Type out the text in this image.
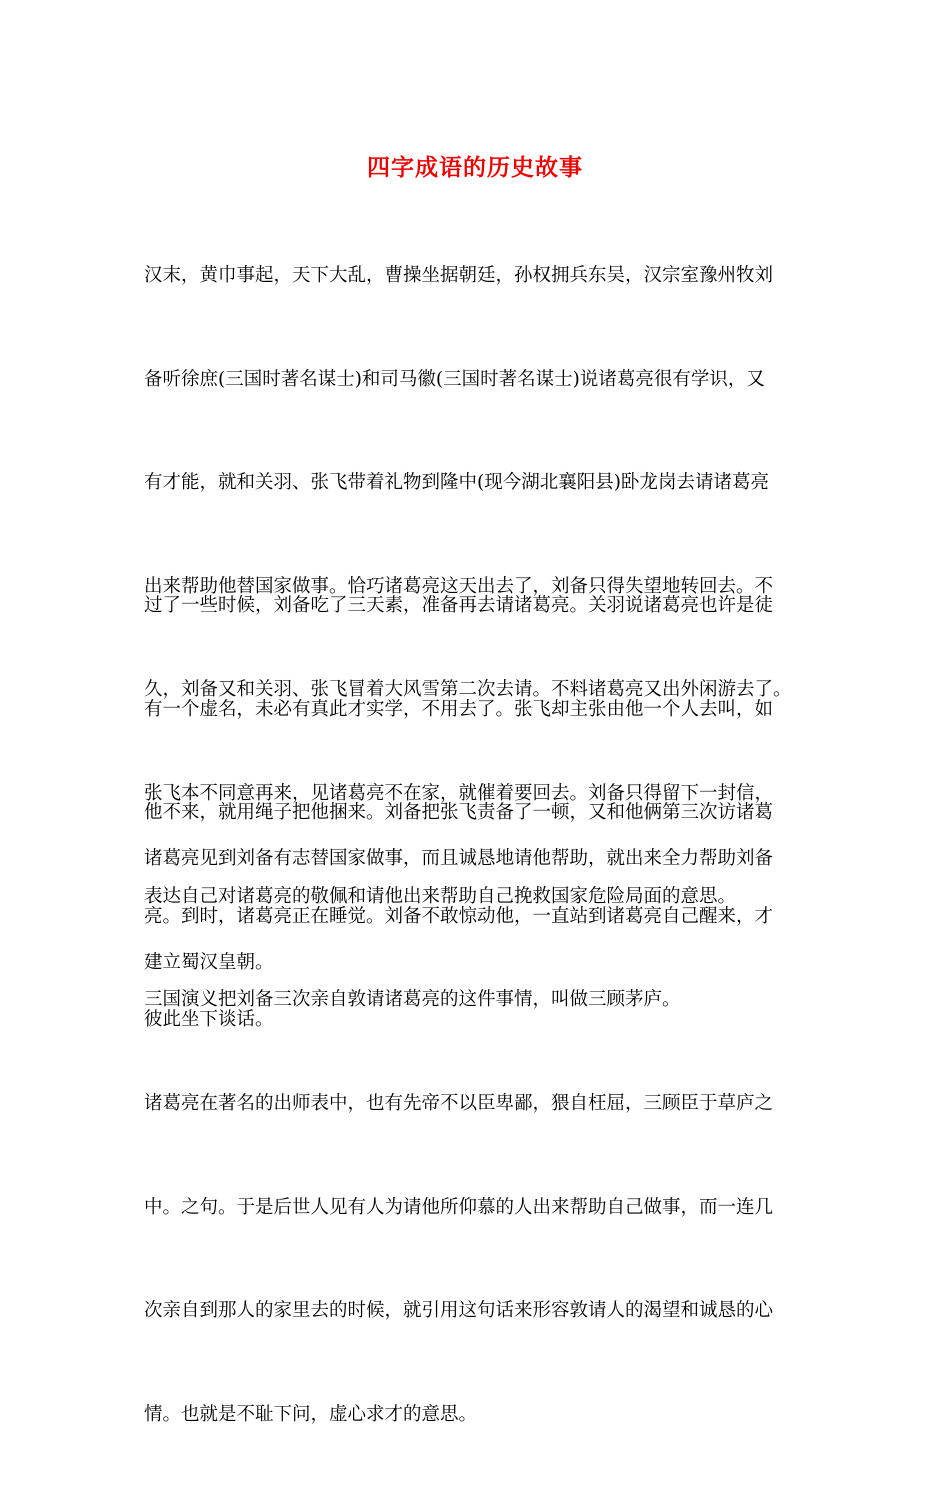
四字成语的历史故事

汉末，黄巾事起，天下大乱，曹操坐据朝廷，孙权拥兵东吴，汉宗室豫州牧刘

备听徐庶(三国时著名谋士)和司马徽(三国时著名谋士)说诸葛亮很有学识，又

有才能，就和关羽、张飞带着礼物到隆中(现今湖北襄阳县)卧龙岗去请诸葛亮

出来帮助他替国家做事。恰巧诸葛亮这天出去了，刘备只得失望地转回去。不

久，刘备又和关羽、张飞冒着大风雪第二次去请。不料诸葛亮又出外闲游去了。

张飞本不同意再来，见诸葛亮不在家，就催着要回去。刘备只得留下一封信，

表达自己对诸葛亮的敬佩和请他出来帮助自己挽救国家危险局面的意思。

过了一些时候，刘备吃了三天素，准备再去请诸葛亮。关羽说诸葛亮也许是徒

有一个虚名，未必有真此才实学，不用去了。张飞却主张由他一个人去叫，如

他不来，就用绳子把他捆来。刘备把张飞责备了一顿，又和他俩第三次访诸葛

亮。到时，诸葛亮正在睡觉。刘备不敢惊动他，一直站到诸葛亮自己醒来，才

彼此坐下谈话。

诸葛亮见到刘备有志替国家做事，而且诚恳地请他帮助，就出来全力帮助刘备

建立蜀汉皇朝。

三国演义把刘备三次亲自敦请诸葛亮的这件事情，叫做三顾茅庐。

诸葛亮在著名的出师表中，也有先帝不以臣卑鄙，猥自枉屈，三顾臣于草庐之

中。之句。于是后世人见有人为请他所仰慕的人出来帮助自己做事，而一连几

次亲自到那人的家里去的时候，就引用这句话来形容敦请人的渴望和诚恳的心

情。也就是不耻下问，虚心求才的意思。
